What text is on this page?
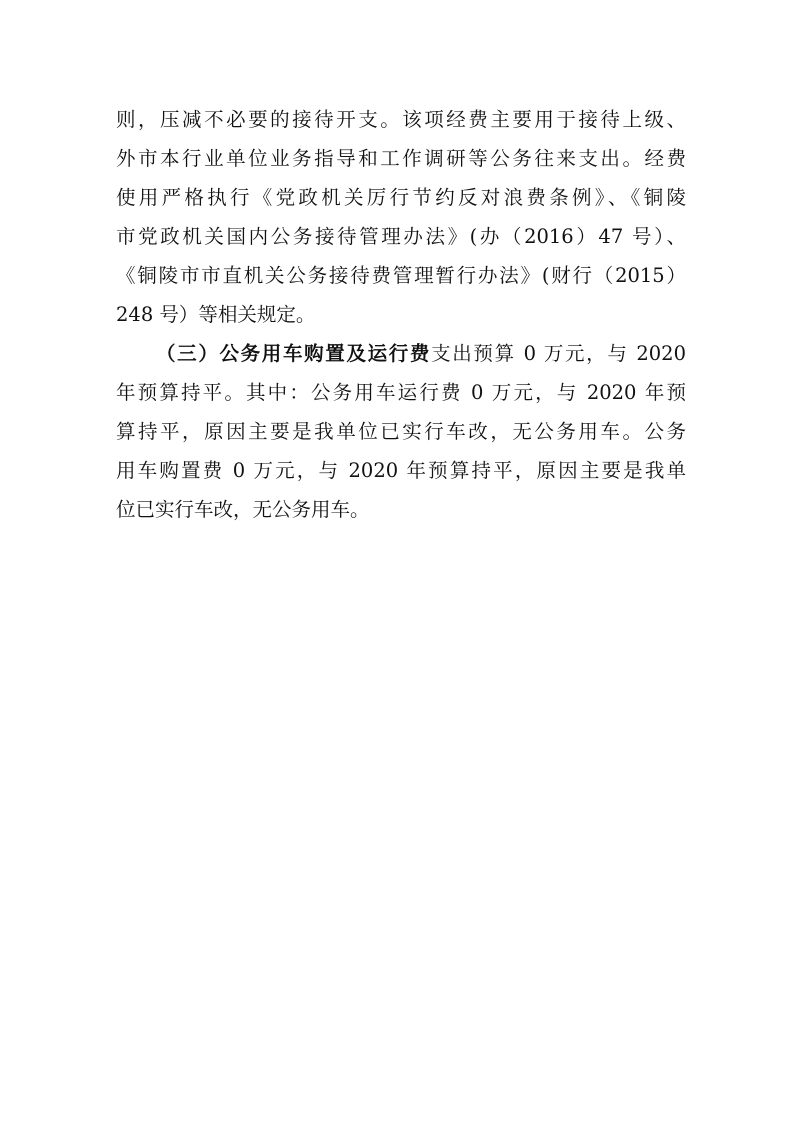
则，压减不必要的接待开支。该项经费主要用于接待上级、
外市本行业单位业务指导和工作调研等公务往来支出。经费
使用严格执行《党政机关厉行节约反对浪费条例》、《铜陵
市党政机关国内公务接待管理办法》(办（2016）47 号）、
《铜陵市市直机关公务接待费管理暂行办法》(财行（2015）
248 号）等相关规定。
（三）公务用车购置及运行费支出预算 0 万元，与 2020
年预算持平。其中：公务用车运行费 0 万元，与 2020 年预
算持平，原因主要是我单位已实行车改，无公务用车。公务
用车购置费 0 万元，与 2020 年预算持平，原因主要是我单
位已实行车改，无公务用车。
